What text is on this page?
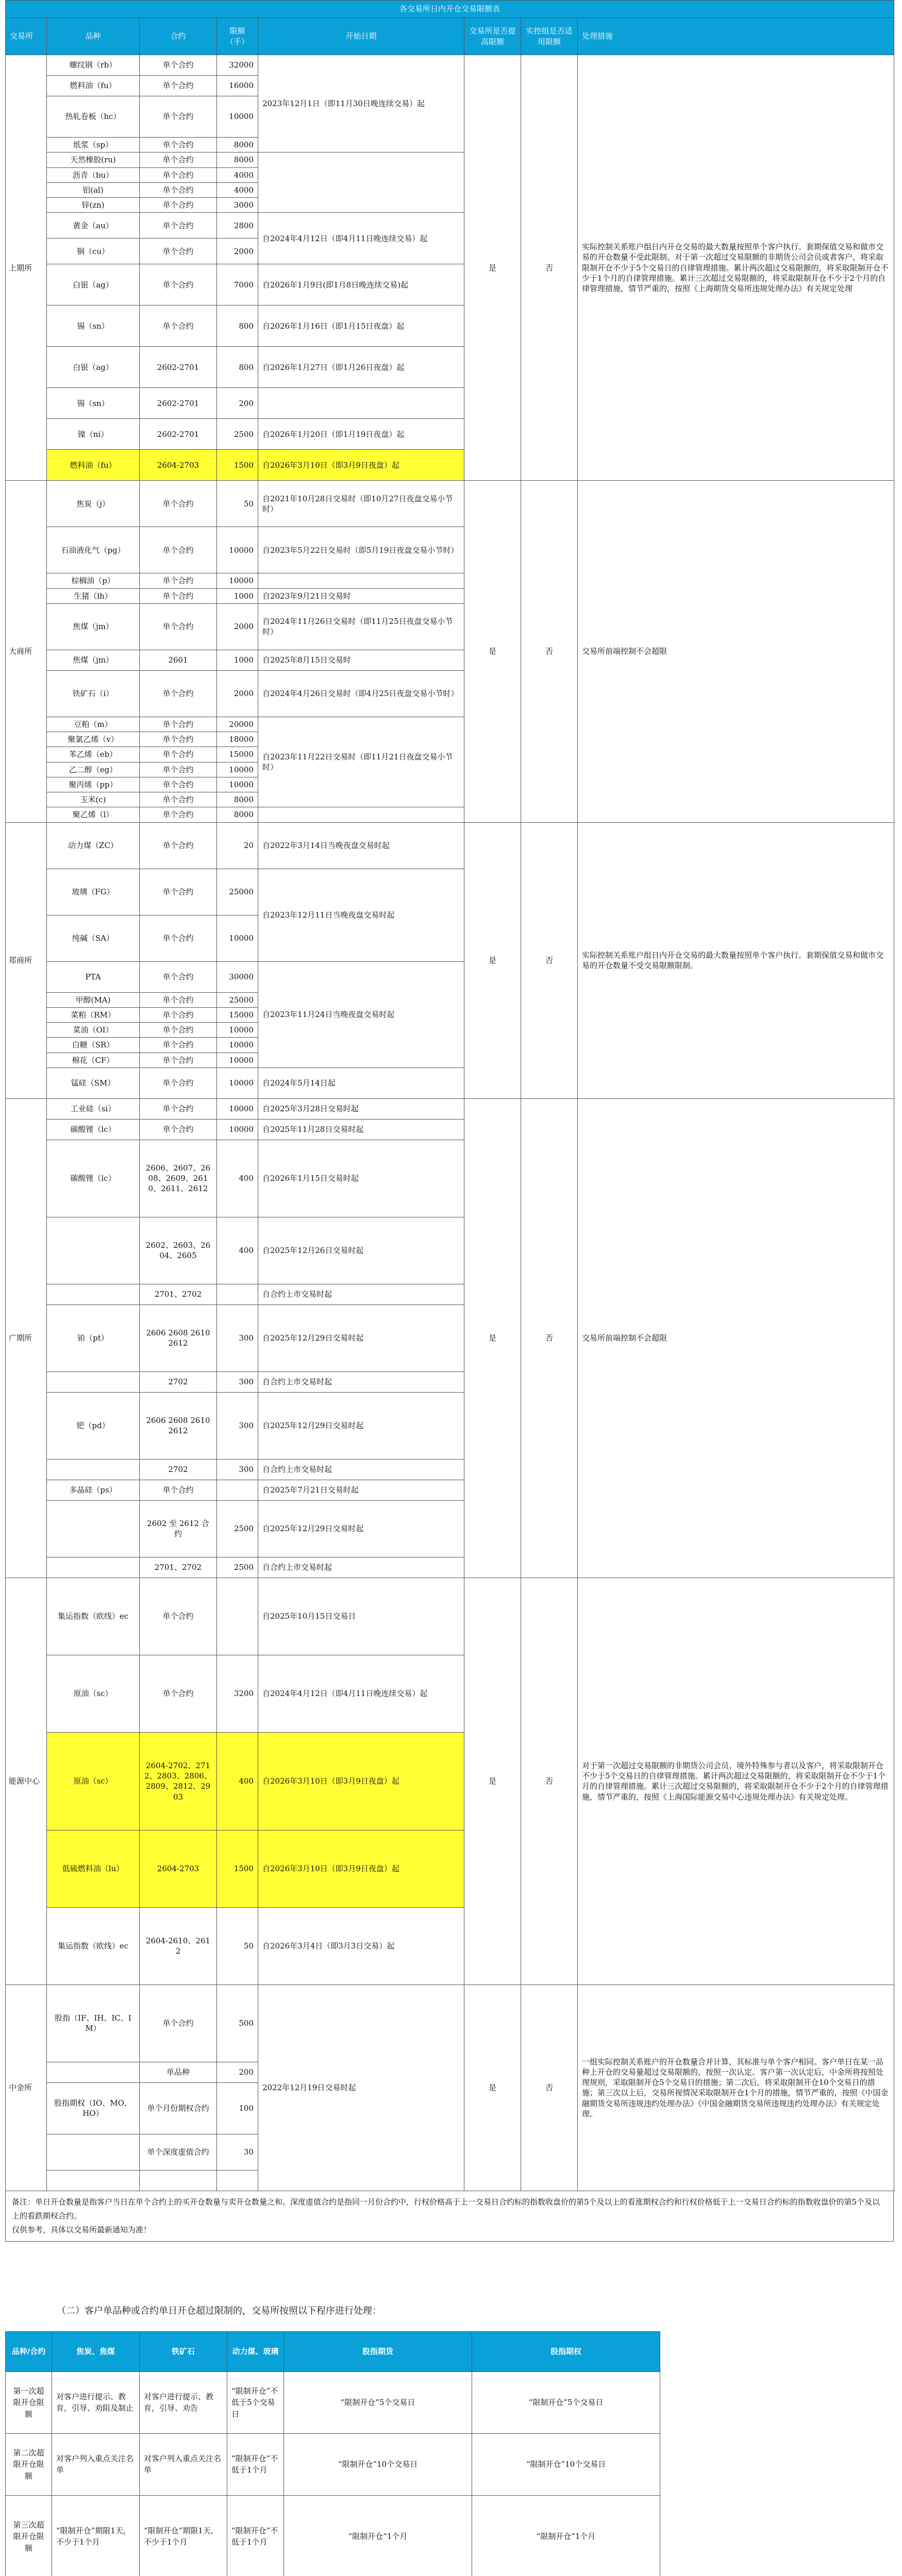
各交易所日内开仓交易限额表							
交易所	品种	合约	限额（手）	开始日期	交易所是否提高限额	实控组是否适用限额	处理措施
上期所	螺纹钢（rb）	单个合约	32000	2023年12月1日（即11月30日晚连续交易）起	是	否	实际控制关系账户组日内开仓交易的最大数量按照单个客户执行。套期保值交易和做市交易的开仓数量不受此限制。对于第一次超过交易限额的非期货公司会员或者客户，将采取限制开仓不少于5个交易日的自律管理措施。累计两次超过交易限额的，将采取限制开仓不少于1个月的自律管理措施。累计三次超过交易限额的，将采取限制开仓不少于2个月的自律管理措施，情节严重的，按照《上海期货交易所违规处理办法》有关规定处理
	燃料油（fu）	单个合约	16000				
	热轧卷板（hc）	单个合约	10000				
	纸浆（sp）	单个合约	8000				
	天然橡胶(ru)	单个合约	8000				
	沥青（bu）	单个合约	4000				
	铝(al)	单个合约	4000				
	锌(zn)	单个合约	3000				
	黄金（au）	单个合约	2800	自2024年4月12日（即4月11日晚连续交易）起			
	铜（cu）	单个合约	2000				
	白银（ag）	单个合约	7000	自2026年1月9日(即1月8日晚连续交易)起			
	锡（sn）	单个合约	800	自2026年1月16日（即1月15日夜盘）起			
	白银（ag）	2602-2701	800	自2026年1月27日（即1月26日夜盘）起			
	锡（sn）	2602-2701	200				
	镍（ni）	2602-2701	2500	自2026年1月20日（即1月19日夜盘）起			
	燃料油（fu）	2604-2703	1500	自2026年3月10日（即3月9日夜盘）起			
大商所	焦炭（j）	单个合约	50	自2021年10月28日交易时（即10月27日夜盘交易小节时）	是	否	交易所前端控制不会超限
	石油液化气（pg）	单个合约	10000	自2023年5月22日交易时（即5月19日夜盘交易小节时）			
	棕榈油（p）	单个合约	10000				
	生猪（lh）	单个合约	1000	自2023年9月21日交易时			
	焦煤（jm）	单个合约	2000	自2024年11月26日交易时（即11月25日夜盘交易小节时）			
	焦煤（jm）	2601	1000	自2025年8月15日交易时			
	铁矿石（i）	单个合约	2000	自2024年4月26日交易时（即4月25日夜盘交易小节时）			
	豆粕（m）	单个合约	20000	自2023年11月22日交易时（即11月21日夜盘交易小节时）			
	聚氯乙烯（v）	单个合约	18000				
	苯乙烯（eb）	单个合约	15000				
	乙二醇（eg）	单个合约	10000				
	聚丙烯（pp）	单个合约	10000				
	玉米(c)	单个合约	8000				
	聚乙烯（l）	单个合约	8000				
郑商所	动力煤（ZC）	单个合约	20	自2022年3月14日当晚夜盘交易时起	是	否	实际控制关系账户组日内开仓交易的最大数量按照单个客户执行。套期保值交易和做市交易的开仓数量不受交易限额限制。
	玻璃（FG）	单个合约	25000	自2023年12月11日当晚夜盘交易时起			
	纯碱（SA）	单个合约	10000				
	PTA	单个合约	30000	自2023年11月24日当晚夜盘交易时起			
	甲醇(MA)	单个合约	25000				
	菜粕（RM）	单个合约	15000				
	菜油（OI）	单个合约	10000				
	白糖（SR）	单个合约	10000				
	棉花（CF）	单个合约	10000				
	锰硅（SM）	单个合约	10000	自2024年5月14日起			
广期所	工业硅（si）	单个合约	10000	自2025年3月28日交易时起	是	否	交易所前端控制不会超限
	碳酸锂（lc）	单个合约	10000	自2025年11月28日交易时起			
	碳酸锂（lc）	2606、2607、2608、2609、2610、2611、2612	400	自2026年1月15日交易时起			
		2602、2603、2604、2605	400	自2025年12月26日交易时起			
		2701、2702		自合约上市交易时起			
	铂（pt）	2606 2608 2610 2612	300	自2025年12月29日交易时起			
		2702	300	自合约上市交易时起			
	钯（pd）	2606 2608 2610 2612	300	自2025年12月29日交易时起			
		2702	300	自合约上市交易时起			
	多晶硅（ps）	单个合约		自2025年7月21日交易时起			
		2602 至 2612 合约	2500	自2025年12月29日交易时起			
		2701、2702	2500	自合约上市交易时起			
能源中心	集运指数（欧线）ec	单个合约		自2025年10月15日交易日	是	否	对于第一次超过交易限额的非期货公司会员、境外特殊参与者以及客户，将采取限制开仓不少于5个交易日的自律管理措施。累计两次超过交易限额的，将采取限制开仓不少于1个月的自律管理措施。累计三次超过交易限额的，将采取限制开仓不少于2个月的自律管理措施，情节严重的，按照《上海国际能源交易中心违规处理办法》有关规定处理。
	原油（sc）	单个合约	3200	自2024年4月12日（即4月11日晚连续交易）起			
	原油（sc）	2604-2702、2712、2803、2806、2809、2812、2903	400	自2026年3月10日（即3月9日夜盘）起			
	低硫燃料油（lu）	2604-2703	1500	自2026年3月10日（即3月9日夜盘）起			
	集运指数（欧线）ec	2604-2610、2612	50	自2026年3月4日（即3月3日交易）起			
中金所	股指（IF、IH、IC、IM）	单个合约	500	2022年12月19日交易时起	是	否	一组实际控制关系账户的开仓数量合并计算，其标准与单个客户相同。客户单日在某一品种上开仓的交易量超过交易限额的，按照一次认定。客户第一次认定后，中金所将按照处理规则，采取限制开仓5个交易日的措施；第二次后，将采取限制开仓10个交易日的措施；第三次以上后，交易所视情况采取限制开仓1个月的措施，情节严重的，按照《中国金融期货交易所违规违约处理办法》《中国金融期货交易所违规违约处理办法》有关规定处理。
		单品种	200				
	股指期权（IO、MO、HO）	单个月份期权合约	100				
		单个深度虚值合约	30				

备注：单日开仓数量是指客户当日在单个合约上的买开仓数量与卖开仓数量之和。深度虚值合约是指同一月份合约中，行权价格高于上一交易日合约标的指数收盘价的第5个及以上的看涨期权合约和行权价格低于上一交易日合约标的指数收盘价的第5个及以上的看跌期权合约。
仅供参考，具体以交易所最新通知为准！
（二）客户单品种或合约单日开仓超过限制的，交易所按照以下程序进行处理：
品种/合约	焦炭、焦煤	铁矿石	动力煤、玻璃	股指期货	股指期权
第一次超限开仓限额	对客户进行提示、教育，引导、劝阻及制止	对客户进行提示、教育，引导、劝告	“限制开仓”不低于5个交易日	“限制开仓”5个交易日	“限制开仓”5个交易日
第二次超限开仓限额	对客户列入重点关注名单	对客户列入重点关注名单	“限制开仓”不低于1个月	“限制开仓”10个交易日	“限制开仓”10个交易日
第三次超限开仓限额	“限制开仓”期限1天，不少于1个月	“限制开仓”期限1天，不少于1个月	“限制开仓”不低于1个月	“限制开仓”1个月	“限制开仓”1个月
